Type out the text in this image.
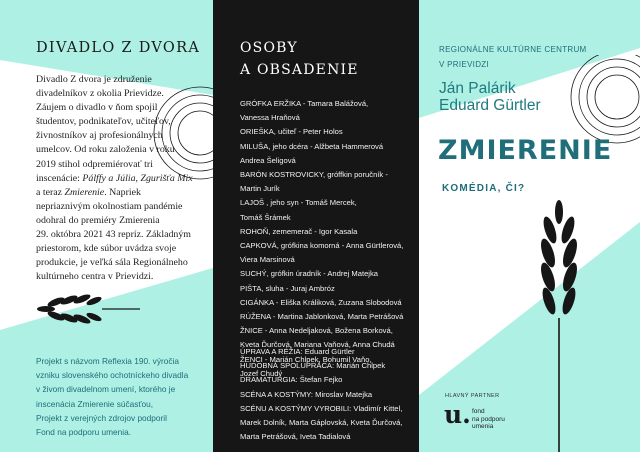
DIVADLO Z DVORA

Divadlo Z dvora je združenie

divadelníkov z okolia Prievidze.

Záujem o divadlo v ňom spojil

študentov, podnikateľov, učiteľov,

živnostníkov aj profesionálnych

umelcov. Od roku založenia v roku

2019 stihol odpremiérovať tri

inscenácie: Pálffy a Júlia, Zgurišťa Mix

a teraz Zmierenie. Napriek

nepriaznivým okolnostiam pandémie

odohral do premiéry Zmierenia

29. októbra 2021 43 repríz. Základným

priestorom, kde súbor uvádza svoje

produkcie, je veľká sála Regionálneho

kultúrneho centra v Prievidzi.

Projekt s názvom Reflexia 190. výročia

vzniku slovenského ochotníckeho divadla

v živom divadelnom umení, ktorého je

inscenácia Zmierenie súčasťou,

Projekt z verejných zdrojov podporil

Fond na podporu umenia.

OSOBY
A OBSADENIE

GRÓFKA ERŽIKA - Tamara Balážová,

Vanessa Hraňová

ORIEŠKA, učiteľ - Peter Holos

MILUŠA, jeho dcéra - Alžbeta Hammerová

Andrea Šeligová

BARÓN KOSTROVICKY, gróffkin poručník -

Martin Jurík

LAJOŠ , jeho syn - Tomáš Mercek,

Tomáš Šrámek

ROHOŇ, zememerač - Igor Kasala

CAPKOVÁ, grófkina komorná - Anna Gürtlerová,

Viera Marsinová

SUCHÝ, grófkin úradník - Andrej Matejka

PIŠTA, sluha - Juraj Ambróz

CIGÁNKA - Eliška Králiková, Zuzana Slobodová

RÚŽENA - Martina Jablonková, Marta Petrášová

ŽNICE - Anna Nedeljaková, Božena Borková,

Kveta Ďurčová, Mariana Vaňová, Anna Chudá

ŽENCI - Marián Chlpek, Bohumil Vaňo,

Jozef Chudý

ÚPRAVA A RÉŽIA: Eduard Gürtler

HUDOBNÁ SPOLUPRÁCA: Marián Chlpek

DRAMATURGIA: Štefan Fejko

SCÉNA A KOSTÝMY: Miroslav Matejka

SCÉNU A KOSTÝMY VYROBILI: Vladimír Kittel,

Marek Dolník, Marta Gáplovská, Kveta Ďurčová,

Marta Petrášová, Iveta Tadialová

REGIONÁLNE KULTÚRNE CENTRUM
V PRIEVIDZI
Ján Palárik
Eduard Gürtler
ZMIERENIE
KOMÉDIA, ČI?
HLAVNÝ PARTNER
u. fond
na podporu
umenia
